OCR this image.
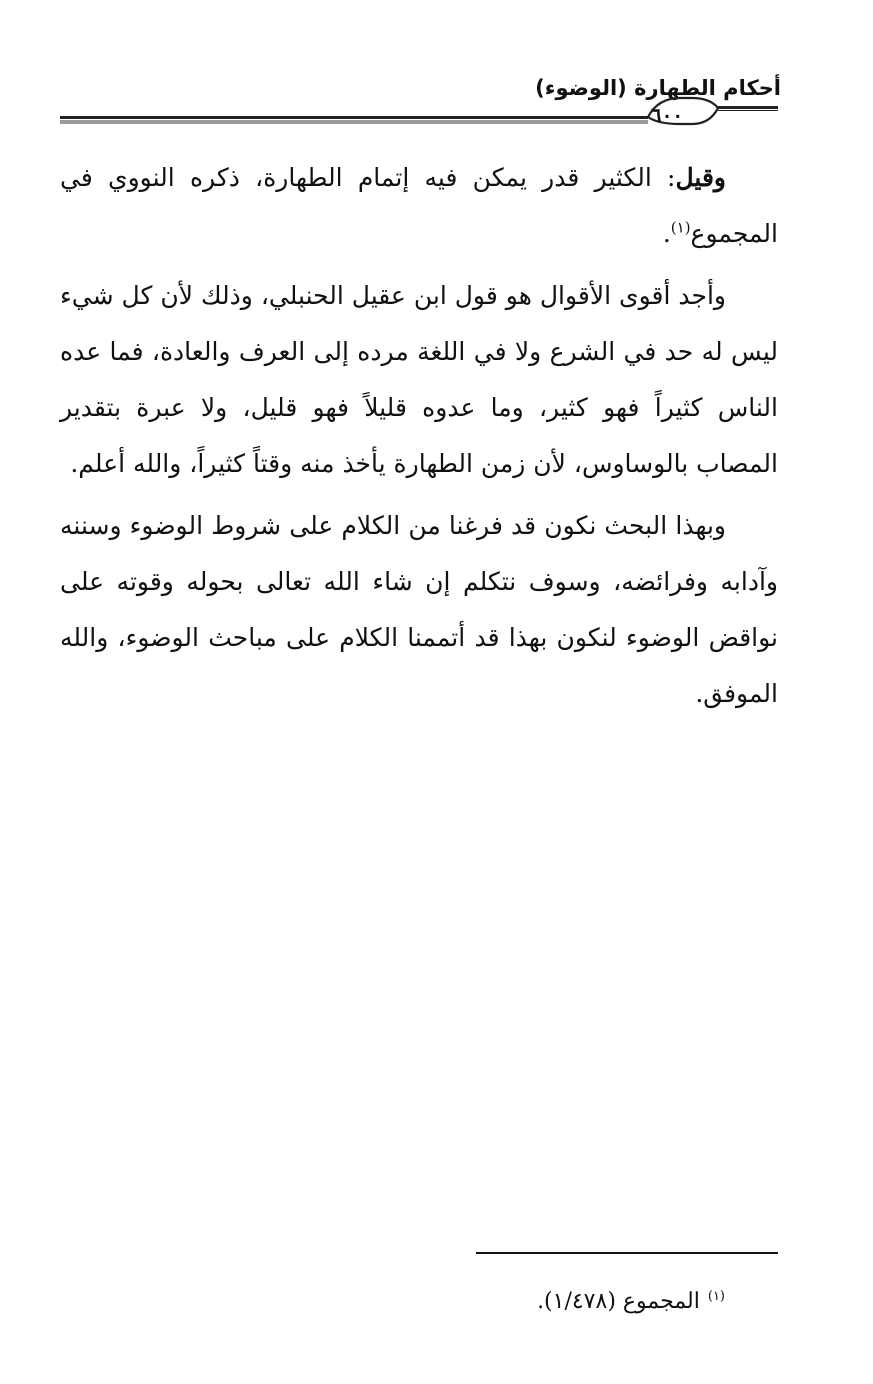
أحكام الطهارة (الوضوء)
٦٠٠

وقيل: الكثير قدر يمكن فيه إتمام الطهارة، ذكره النووي في المجموع$^{(١)}$.

وأجد أقوى الأقوال هو قول ابن عقيل الحنبلي، وذلك لأن كل شيء ليس له حد في الشرع ولا في اللغة مرده إلى العرف والعادة، فما عده الناس كثيراً فهو كثير، وما عدوه قليلاً فهو قليل، ولا عبرة بتقدير المصاب بالوساوس، لأن زمن الطهارة يأخذ منه وقتاً كثيراً، والله أعلم.

وبهذا البحث نكون قد فرغنا من الكلام على شروط الوضوء وسننه وآدابه وفرائضه، وسوف نتكلم إن شاء الله تعالى بحوله وقوته على نواقض الوضوء لنكون بهذا قد أتممنا الكلام على مباحث الوضوء، والله الموفق.

$^{(١)}$المجموع (١/٤٧٨).
